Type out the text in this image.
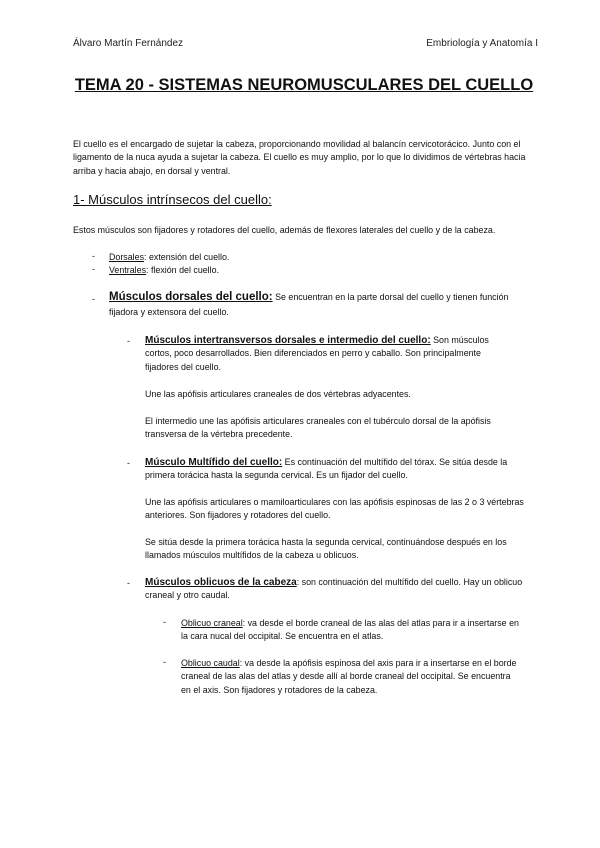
Álvaro Martín Fernández	Embriología y Anatomía I
TEMA 20 - SISTEMAS NEUROMUSCULARES DEL CUELLO
El cuello es el encargado de sujetar la cabeza, proporcionando movilidad al balancín cervicotorácico. Junto con el ligamento de la nuca ayuda a sujetar la cabeza. El cuello es muy amplio, por lo que lo dividimos de vértebras hacia arriba y hacia abajo, en dorsal y ventral.
1- Músculos intrínsecos del cuello:
Estos músculos son fijadores y rotadores del cuello, además de flexores laterales del cuello y de la cabeza.
- Dorsales: extensión del cuello.
- Ventrales: flexión del cuello.
- Músculos dorsales del cuello: Se encuentran en la parte dorsal del cuello y tienen función fijadora y extensora del cuello.
- Músculos intertransversos dorsales e intermedio del cuello: Son músculos cortos, poco desarrollados. Bien diferenciados en perro y caballo. Son principalmente fijadores del cuello.
Une las apófisis articulares craneales de dos vértebras adyacentes.
El intermedio une las apófisis articulares craneales con el tubérculo dorsal de la apófisis transversa de la vértebra precedente.
- Músculo Multífido del cuello: Es continuación del multífido del tórax. Se sitúa desde la primera torácica hasta la segunda cervical. Es un fijador del cuello.
Une las apófisis articulares o mamiloarticulares con las apófisis espinosas de las 2 o 3 vértebras anteriores. Son fijadores y rotadores del cuello.
Se sitúa desde la primera torácica hasta la segunda cervical, continuándose después en los llamados músculos multífidos de la cabeza u oblicuos.
- Músculos oblicuos de la cabeza: son continuación del multífido del cuello. Hay un oblicuo craneal y otro caudal.
- Oblicuo craneal: va desde el borde craneal de las alas del atlas para ir a insertarse en la cara nucal del occipital. Se encuentra en el atlas.
- Oblicuo caudal: va desde la apófisis espinosa del axis para ir a insertarse en el borde craneal de las alas del atlas y desde allí al borde craneal del occipital. Se encuentra en el axis. Son fijadores y rotadores de la cabeza.
